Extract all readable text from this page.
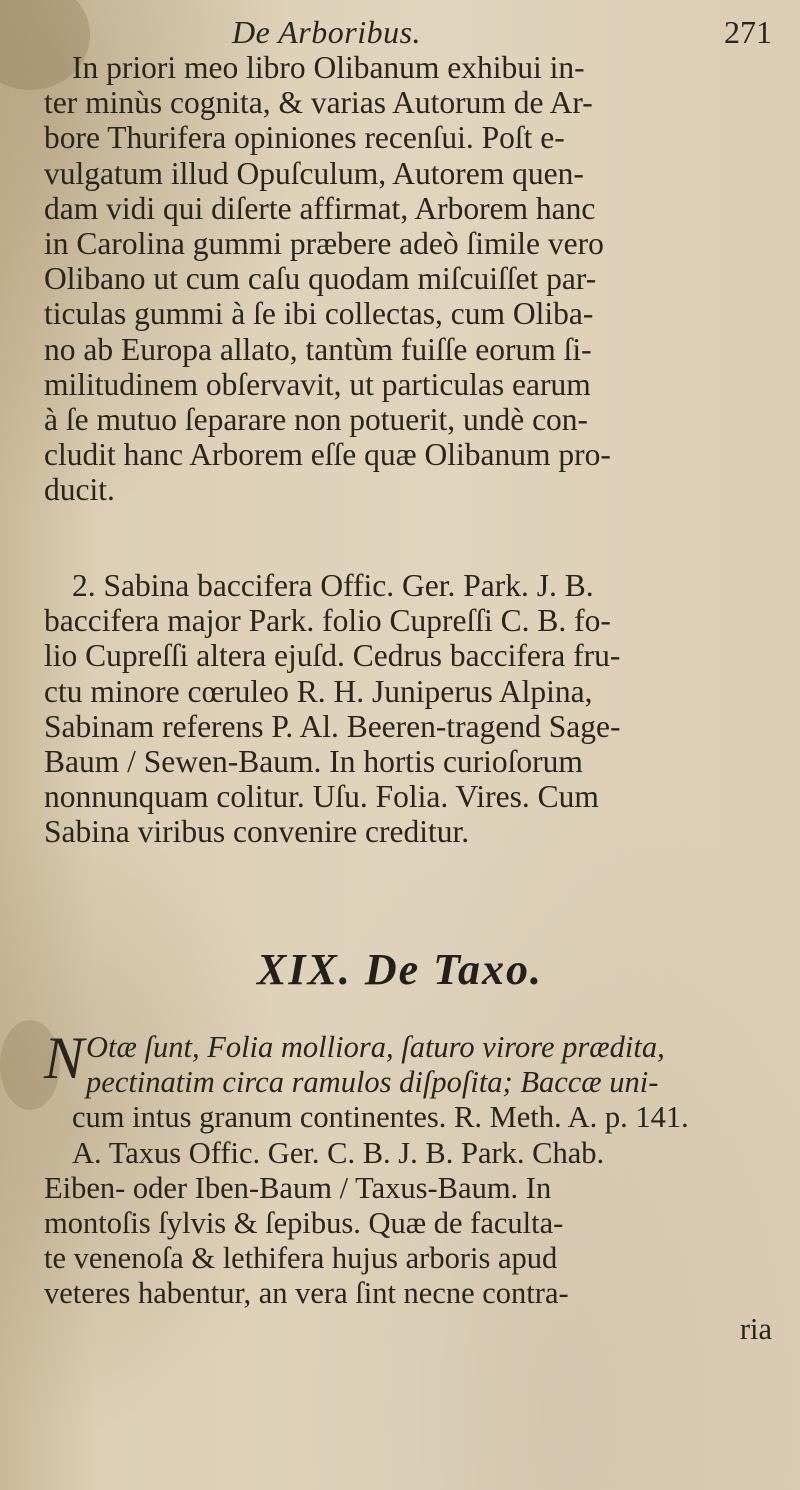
De Arboribus.	271
In priori meo libro Olibanum exhibui in-
ter minùs cognita, & varias Autorum de Ar-
bore Thurifera opiniones recenſui. Poſt e-
vulgatum illud Opuſculum, Autorem quen-
dam vidi qui diſerte affirmat, Arborem hanc
in Carolina gummi præbere adeò ſimile vero
Olibano ut cum caſu quodam miſcuiſſet par-
ticulas gummi à ſe ibi collectas, cum Oliba-
no ab Europa allato, tantùm fuiſſe eorum ſi-
militudinem obſervavit, ut particulas earum
à ſe mutuo ſeparare non potuerit, undè con-
cludit hanc Arborem eſſe quæ Olibanum pro-
ducit.
2. Sabina baccifera Offic. Ger. Park. J. B.
baccifera major Park. folio Cupreſſi C. B. fo-
lio Cupreſſi altera ejuſd. Cedrus baccifera fru-
ctu minore cœruleo R. H. Juniperus Alpina,
Sabinam referens P. Al. Beeren-tragend Sage-
Baum / Sewen-Baum. In hortis curioſorum
nonnunquam colitur. Uſu. Folia. Vires. Cum
Sabina viribus convenire creditur.
XIX. De Taxo.
N Otæ ſunt, Folia molliora, ſaturo virore prædita,
pectinatim circa ramulos diſpoſita; Baccæ uni-
cum intus granum continentes. R. Meth. A. p. 141.
A. Taxus Offic. Ger. C. B. J. B. Park. Chab.
Eiben- oder Iben-Baum / Taxus-Baum. In
montoſis ſylvis & ſepibus. Quæ de faculta-
te venenoſa & lethifera hujus arboris apud
veteres habentur, an vera ſint necne contra-
ria
